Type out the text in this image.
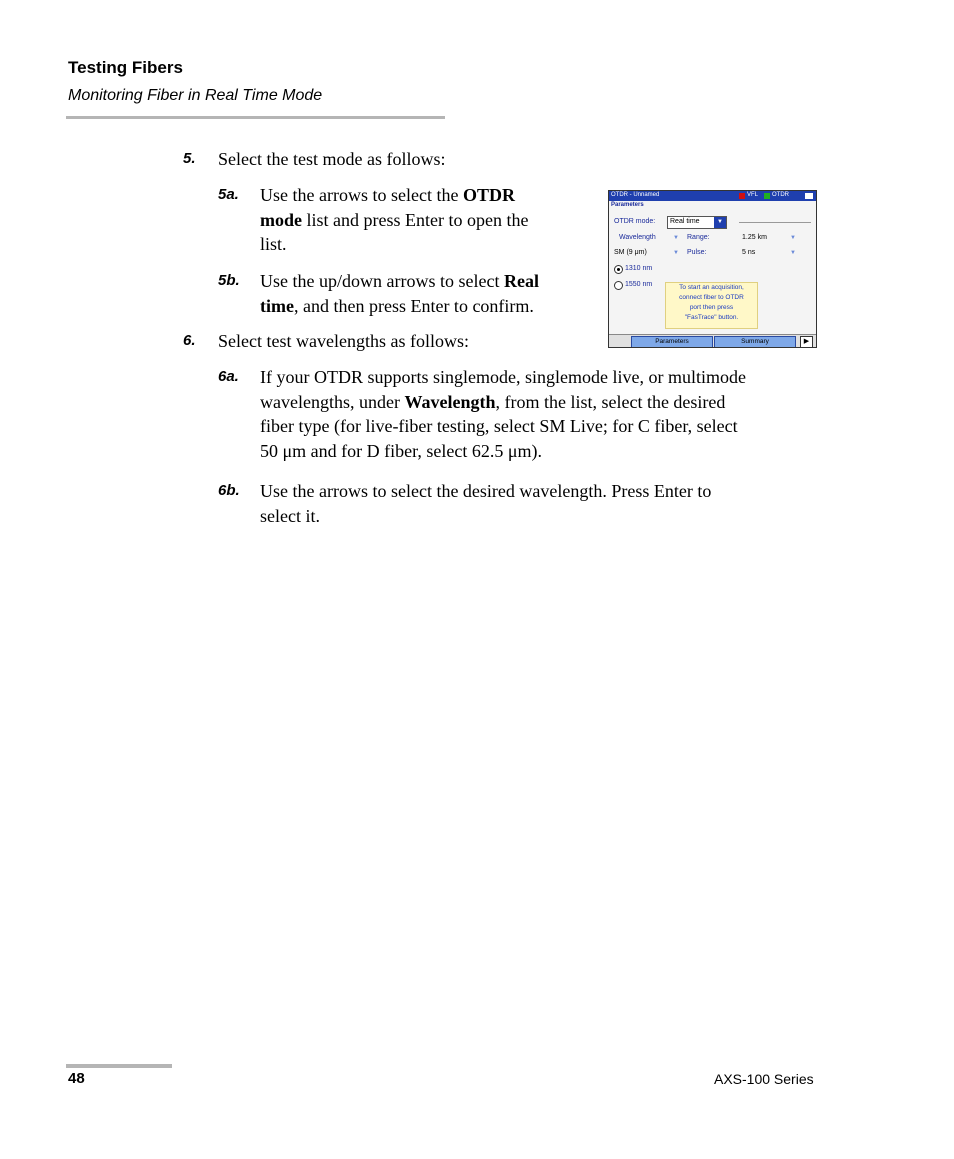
Testing Fibers
Monitoring Fiber in Real Time Mode
5. Select the test mode as follows:
5a. Use the arrows to select the OTDR
mode list and press Enter to open the
list.
5b. Use the up/down arrows to select Real
time, and then press Enter to confirm.
6. Select test wavelengths as follows:
6a. If your OTDR supports singlemode, singlemode live, or multimode
wavelengths, under Wavelength, from the list, select the desired
fiber type (for live-fiber testing, select SM Live; for C fiber, select
50 μm and for D fiber, select 62.5 μm).
6b. Use the arrows to select the desired wavelength. Press Enter to
select it.
OTDR - Unnamed	VFL OTDR
Parameters
OTDR mode: Real time	▼
Wavelength	▼ Range:	1.25 km	▼
SM (9 μm)	▼ Pulse:	5 ns	▼
1310 nm
1550 nm	To start an acquisition,
connect fiber to OTDR
port then press
"FasTrace" button.
Parameters	Summary	▶
48	AXS-100 Series
